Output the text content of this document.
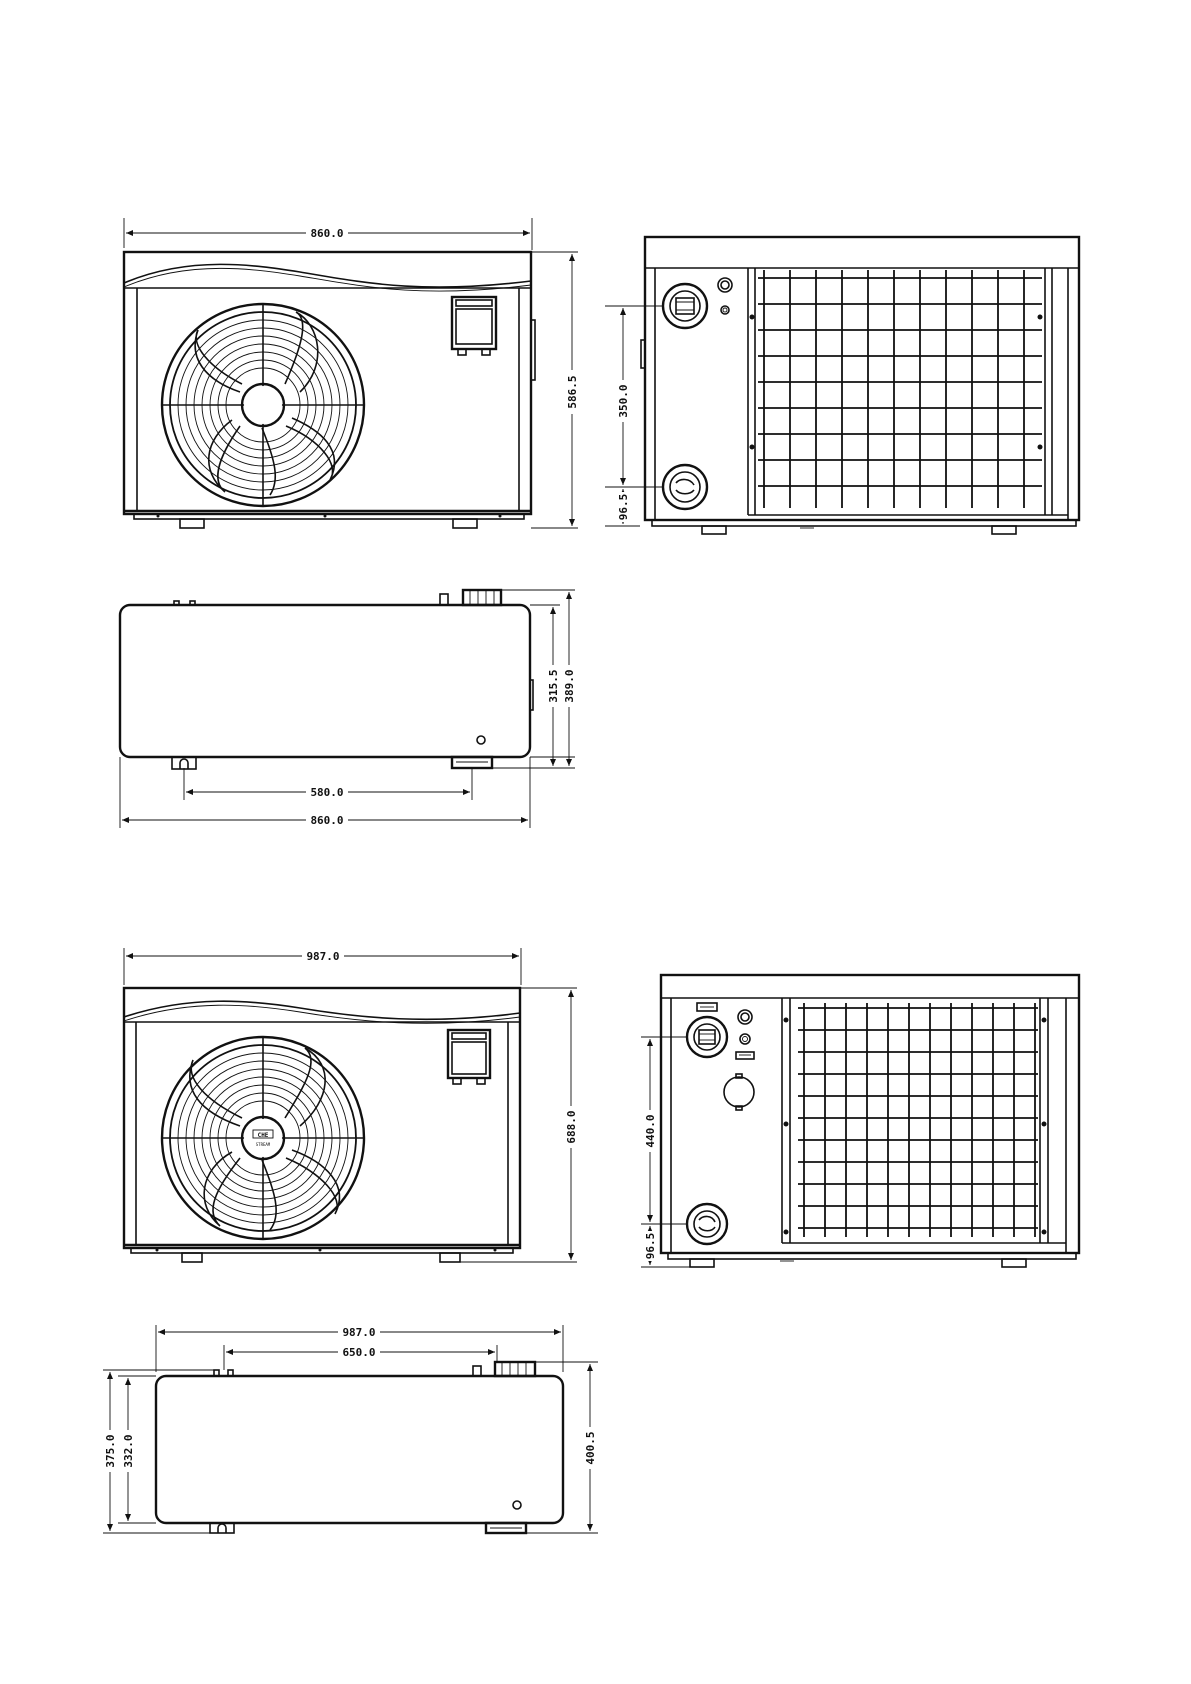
860.0
586.5	350.0
96.5
315.5 389.0
580.0
860.0
987.0
CHE
STREAM
688.0	440.0
96.5
987.0
650.0
375.0 332.0	400.5
